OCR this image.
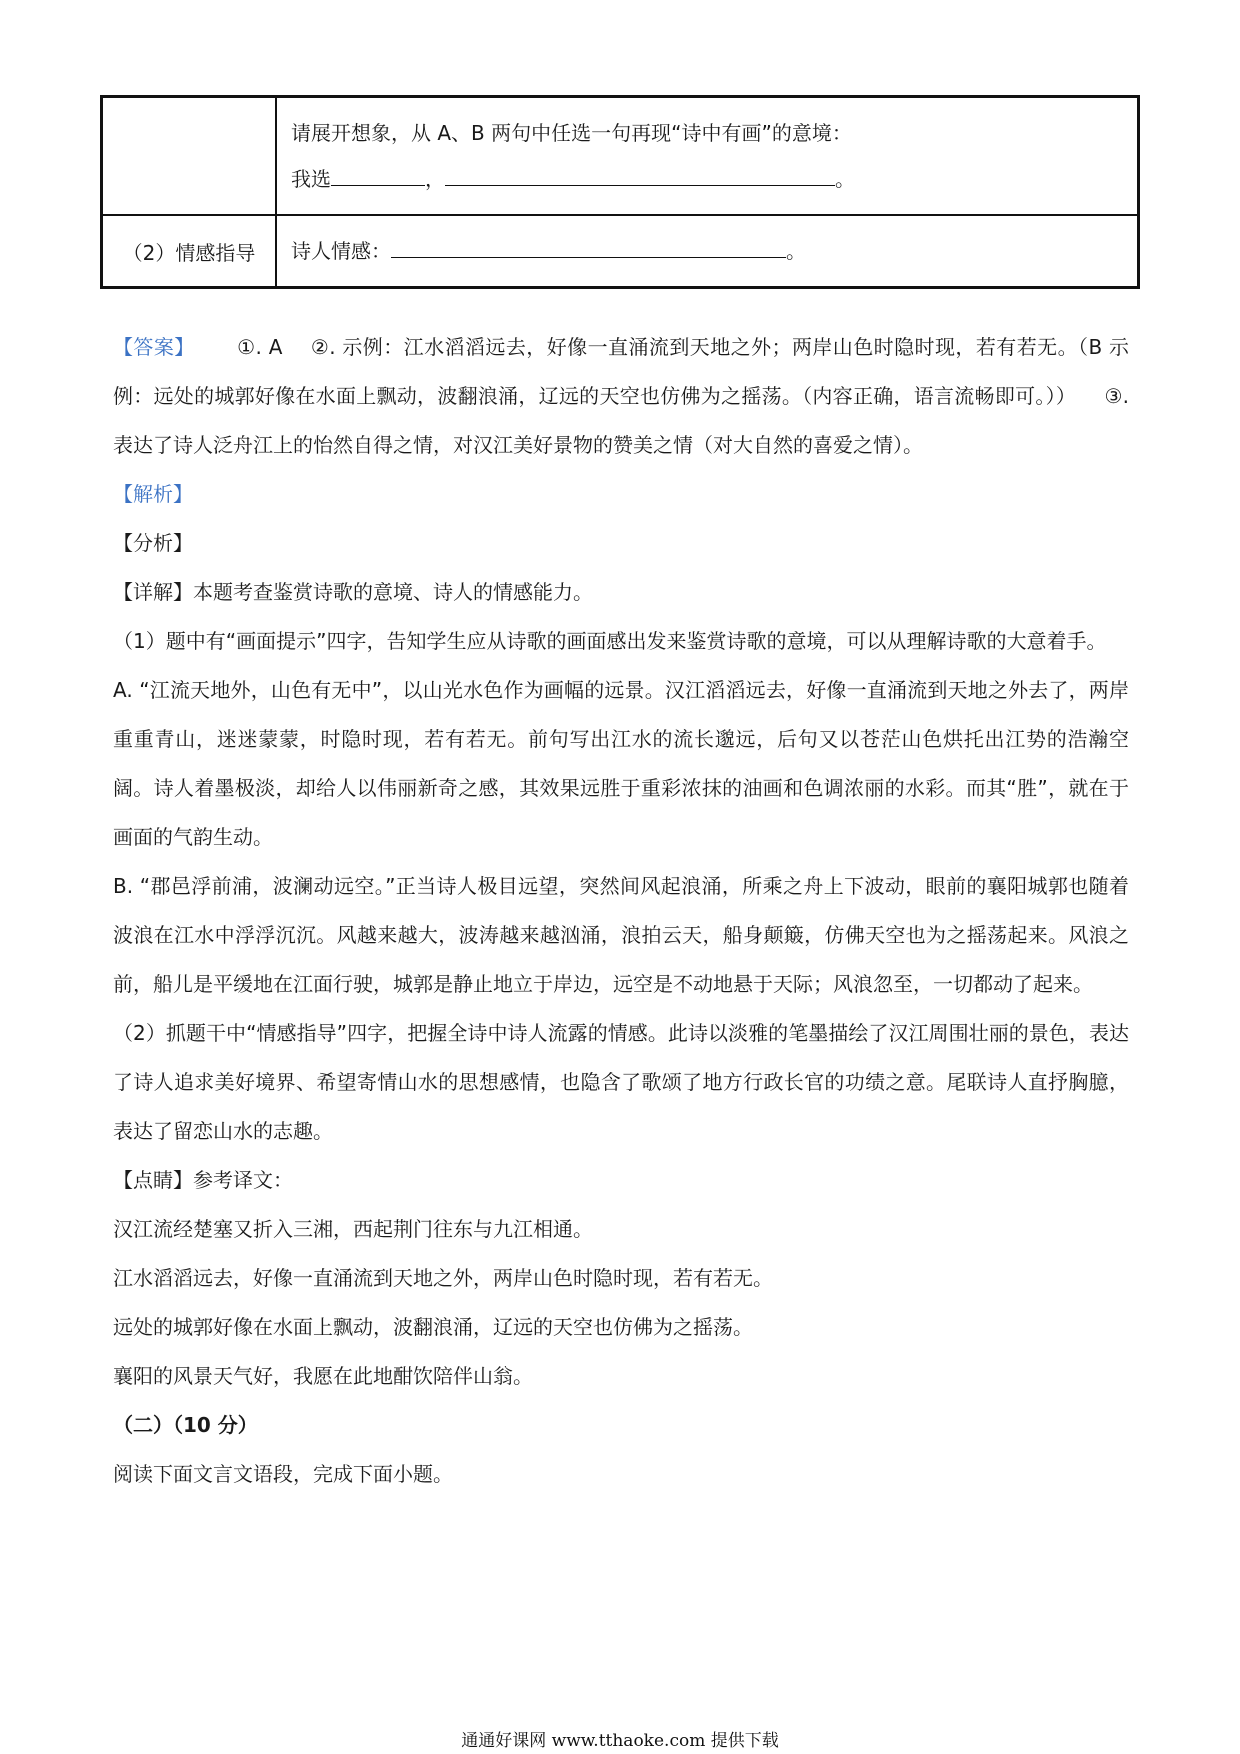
	请展开想象，从 A、B 两句中任选一句再现“诗中有画”的意境：
我选 ， 。

（2）情感指导	诗人情感： 。

【答案】 ①. A ②. 示例：江水滔滔远去，好像一直涌流到天地之外；两岸山色时隐时现，若有若无。（B 示例：远处的城郭好像在水面上飘动，波翻浪涌，辽远的天空也仿佛为之摇荡。（内容正确，语言流畅即可。）） ③. 表达了诗人泛舟江上的怡然自得之情，对汉江美好景物的赞美之情（对大自然的喜爱之情）。

【解析】

【分析】

【详解】本题考查鉴赏诗歌的意境、诗人的情感能力。

（1）题中有“画面提示”四字，告知学生应从诗歌的画面感出发来鉴赏诗歌的意境，可以从理解诗歌的大意着手。

A. “江流天地外，山色有无中”，以山光水色作为画幅的远景。汉江滔滔远去，好像一直涌流到天地之外去了，两岸重重青山，迷迷蒙蒙，时隐时现，若有若无。前句写出江水的流长邈远，后句又以苍茫山色烘托出江势的浩瀚空阔。诗人着墨极淡，却给人以伟丽新奇之感，其效果远胜于重彩浓抹的油画和色调浓丽的水彩。而其“胜”，就在于画面的气韵生动。

B. “郡邑浮前浦，波澜动远空。”正当诗人极目远望，突然间风起浪涌，所乘之舟上下波动，眼前的襄阳城郭也随着波浪在江水中浮浮沉沉。风越来越大，波涛越来越汹涌，浪拍云天，船身颠簸，仿佛天空也为之摇荡起来。风浪之前，船儿是平缓地在江面行驶，城郭是静止地立于岸边，远空是不动地悬于天际；风浪忽至，一切都动了起来。

（2）抓题干中“情感指导”四字，把握全诗中诗人流露的情感。此诗以淡雅的笔墨描绘了汉江周围壮丽的景色，表达了诗人追求美好境界、希望寄情山水的思想感情，也隐含了歌颂了地方行政长官的功绩之意。尾联诗人直抒胸臆，表达了留恋山水的志趣。

【点睛】参考译文：

汉江流经楚塞又折入三湘，西起荆门往东与九江相通。

江水滔滔远去，好像一直涌流到天地之外，两岸山色时隐时现，若有若无。

远处的城郭好像在水面上飘动，波翻浪涌，辽远的天空也仿佛为之摇荡。

襄阳的风景天气好，我愿在此地酣饮陪伴山翁。

（二）（10 分）

阅读下面文言文语段，完成下面小题。

通通好课网 www.tthaoke.com 提供下载
